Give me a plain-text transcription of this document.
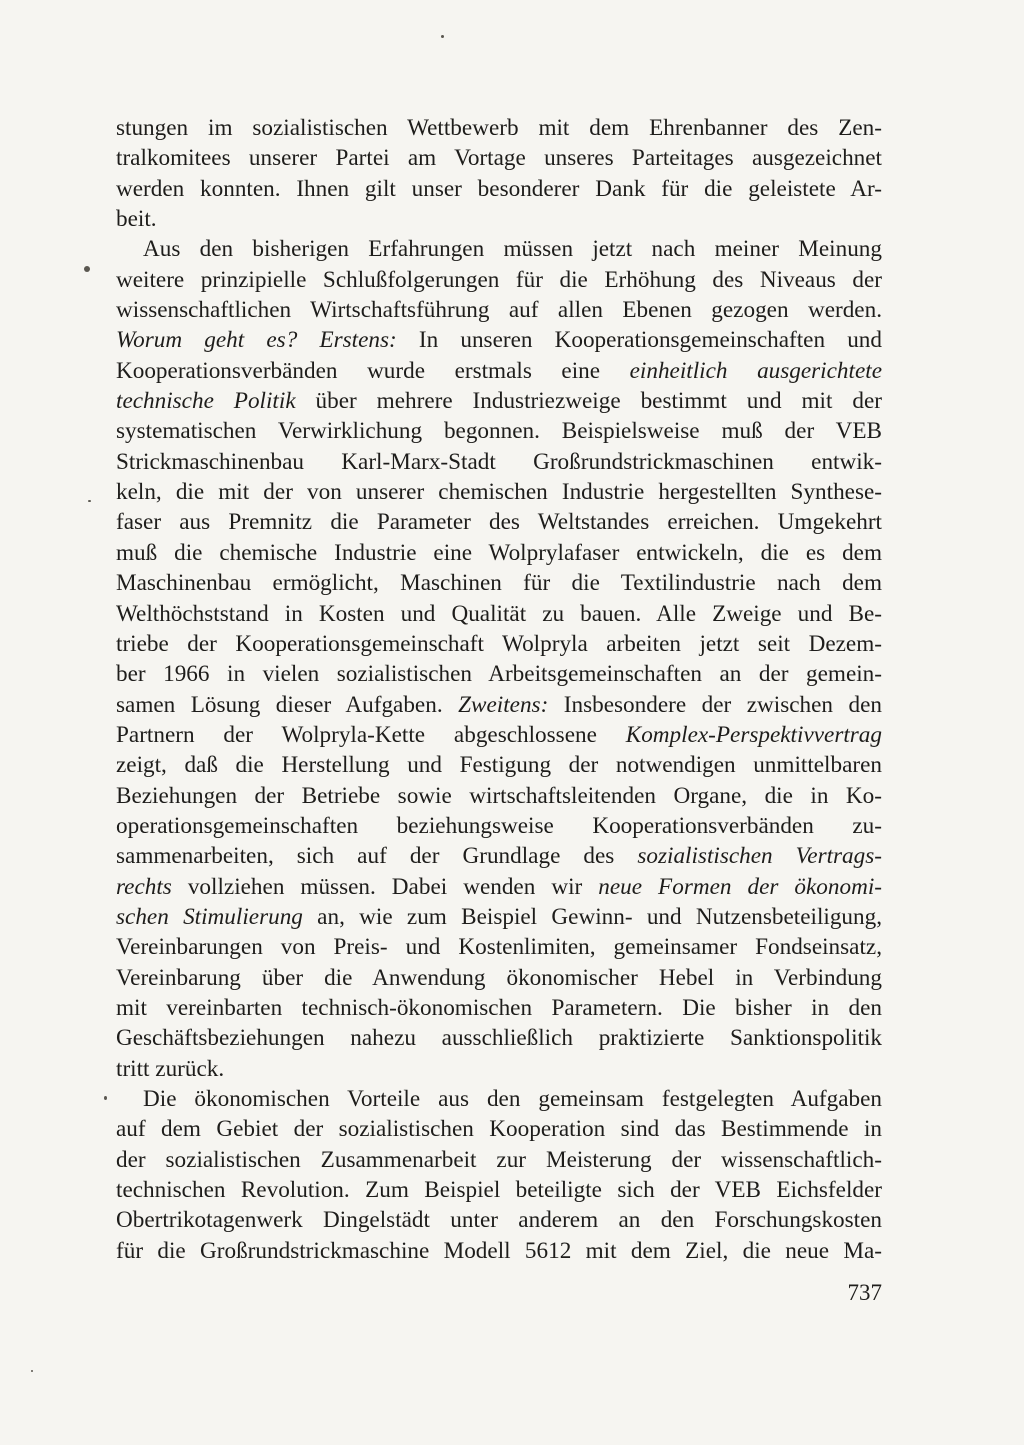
stungen im sozialistischen Wettbewerb mit dem Ehrenbanner des Zen-
tralkomitees unserer Partei am Vortage unseres Parteitages ausgezeichnet
werden konnten. Ihnen gilt unser besonderer Dank für die geleistete Ar-
beit.
Aus den bisherigen Erfahrungen müssen jetzt nach meiner Meinung
weitere prinzipielle Schlußfolgerungen für die Erhöhung des Niveaus der
wissenschaftlichen Wirtschaftsführung auf allen Ebenen gezogen werden.
Worum geht es? Erstens: In unseren Kooperationsgemeinschaften und
Kooperationsverbänden wurde erstmals eine einheitlich ausgerichtete
technische Politik über mehrere Industriezweige bestimmt und mit der
systematischen Verwirklichung begonnen. Beispielsweise muß der VEB
Strickmaschinenbau Karl-Marx-Stadt Großrundstrickmaschinen entwik-
keln, die mit der von unserer chemischen Industrie hergestellten Synthese-
faser aus Premnitz die Parameter des Weltstandes erreichen. Umgekehrt
muß die chemische Industrie eine Wolprylafaser entwickeln, die es dem
Maschinenbau ermöglicht, Maschinen für die Textilindustrie nach dem
Welthöchststand in Kosten und Qualität zu bauen. Alle Zweige und Be-
triebe der Kooperationsgemeinschaft Wolpryla arbeiten jetzt seit Dezem-
ber 1966 in vielen sozialistischen Arbeitsgemeinschaften an der gemein-
samen Lösung dieser Aufgaben. Zweitens: Insbesondere der zwischen den
Partnern der Wolpryla-Kette abgeschlossene Komplex-Perspektivvertrag
zeigt, daß die Herstellung und Festigung der notwendigen unmittelbaren
Beziehungen der Betriebe sowie wirtschaftsleitenden Organe, die in Ko-
operationsgemeinschaften beziehungsweise Kooperationsverbänden zu-
sammenarbeiten, sich auf der Grundlage des sozialistischen Vertrags-
rechts vollziehen müssen. Dabei wenden wir neue Formen der ökonomi-
schen Stimulierung an, wie zum Beispiel Gewinn- und Nutzensbeteiligung,
Vereinbarungen von Preis- und Kostenlimiten, gemeinsamer Fondseinsatz,
Vereinbarung über die Anwendung ökonomischer Hebel in Verbindung
mit vereinbarten technisch-ökonomischen Parametern. Die bisher in den
Geschäftsbeziehungen nahezu ausschließlich praktizierte Sanktionspolitik
tritt zurück.
Die ökonomischen Vorteile aus den gemeinsam festgelegten Aufgaben
auf dem Gebiet der sozialistischen Kooperation sind das Bestimmende in
der sozialistischen Zusammenarbeit zur Meisterung der wissenschaftlich-
technischen Revolution. Zum Beispiel beteiligte sich der VEB Eichsfelder
Obertrikotagenwerk Dingelstädt unter anderem an den Forschungskosten
für die Großrundstrickmaschine Modell 5612 mit dem Ziel, die neue Ma-
737
